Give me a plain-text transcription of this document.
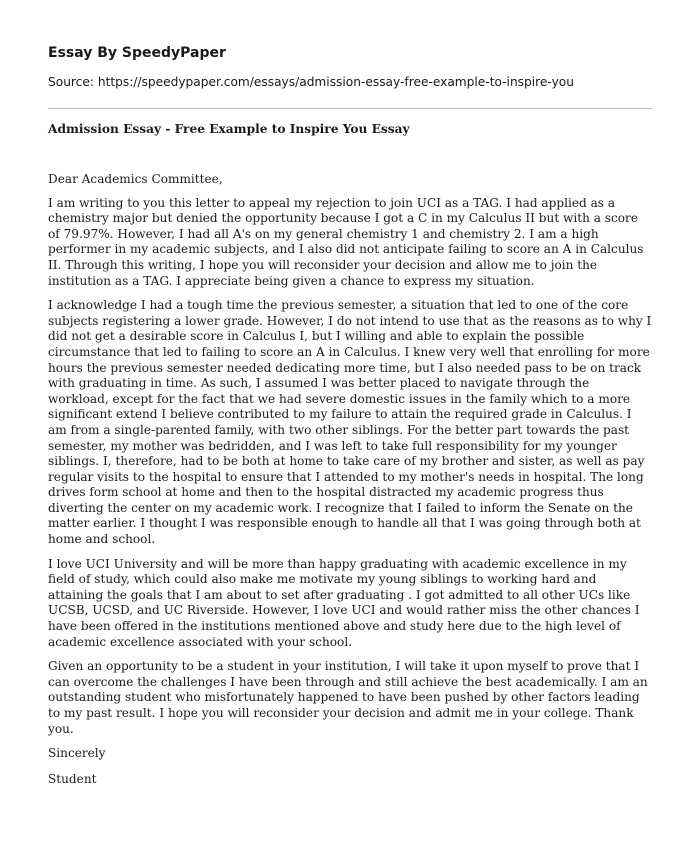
Essay By SpeedyPaper

Source: https://speedypaper.com/essays/admission-essay-free-example-to-inspire-you

Admission Essay - Free Example to Inspire You Essay

Dear Academics Committee,

I am writing to you this letter to appeal my rejection to join UCI as a TAG. I had applied as a chemistry major but denied the opportunity because I got a C in my Calculus II but with a score of 79.97%. However, I had all A's on my general chemistry 1 and chemistry 2. I am a high performer in my academic subjects, and I also did not anticipate failing to score an A in Calculus II. Through this writing, I hope you will reconsider your decision and allow me to join the institution as a TAG. I appreciate being given a chance to express my situation.

I acknowledge I had a tough time the previous semester, a situation that led to one of the core subjects registering a lower grade. However, I do not intend to use that as the reasons as to why I did not get a desirable score in Calculus I, but I willing and able to explain the possible circumstance that led to failing to score an A in Calculus. I knew very well that enrolling for more hours the previous semester needed dedicating more time, but I also needed pass to be on track with graduating in time. As such, I assumed I was better placed to navigate through the workload, except for the fact that we had severe domestic issues in the family which to a more significant extend I believe contributed to my failure to attain the required grade in Calculus. I am from a single-parented family, with two other siblings. For the better part towards the past semester, my mother was bedridden, and I was left to take full responsibility for my younger siblings. I, therefore, had to be both at home to take care of my brother and sister, as well as pay regular visits to the hospital to ensure that I attended to my mother's needs in hospital. The long drives form school at home and then to the hospital distracted my academic progress thus diverting the center on my academic work. I recognize that I failed to inform the Senate on the matter earlier. I thought I was responsible enough to handle all that I was going through both at home and school.

I love UCI University and will be more than happy graduating with academic excellence in my field of study, which could also make me motivate my young siblings to working hard and attaining the goals that I am about to set after graduating . I got admitted to all other UCs like UCSB, UCSD, and UC Riverside. However, I love UCI and would rather miss the other chances I have been offered in the institutions mentioned above and study here due to the high level of academic excellence associated with your school.

Given an opportunity to be a student in your institution, I will take it upon myself to prove that I can overcome the challenges I have been through and still achieve the best academically. I am an outstanding student who misfortunately happened to have been pushed by other factors leading to my past result. I hope you will reconsider your decision and admit me in your college. Thank you.

Sincerely

Student
